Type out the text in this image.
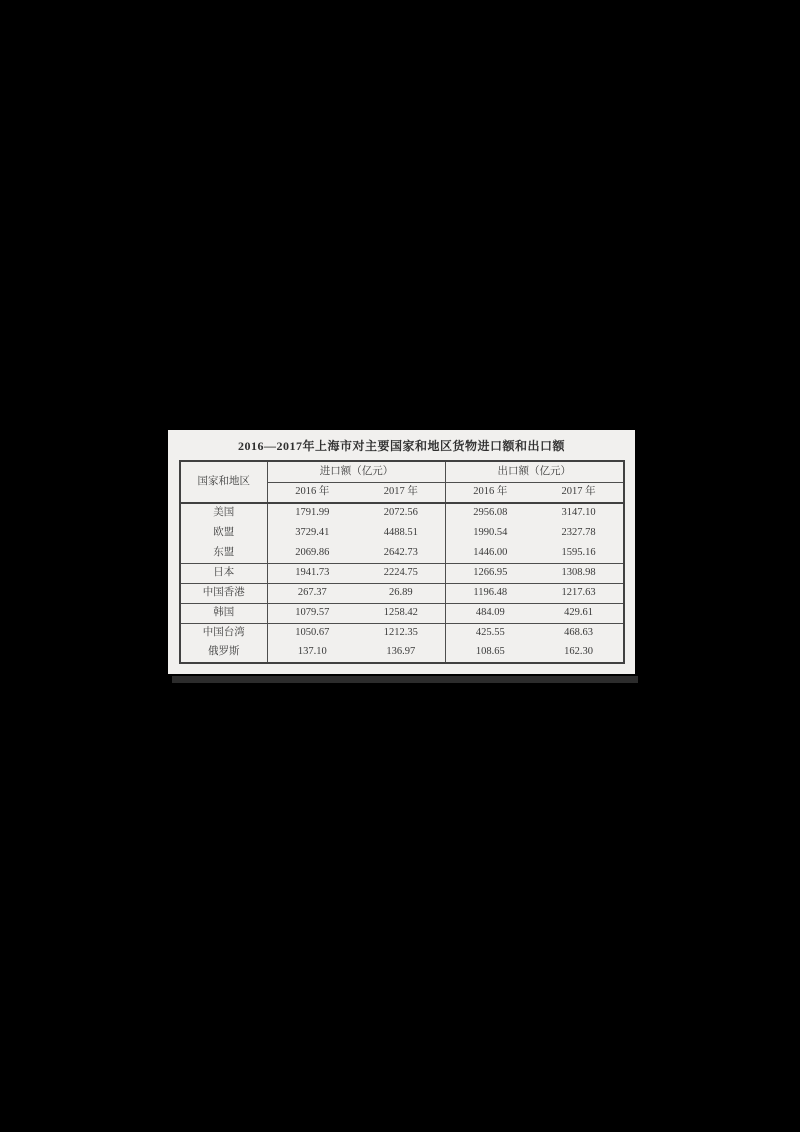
2016—2017年上海市对主要国家和地区货物进口额和出口额
国家和地区	进口额（亿元）		出口额（亿元）	
	2016 年	2017 年	2016 年	2017 年
美国	1791.99	2072.56	2956.08	3147.10
欧盟	3729.41	4488.51	1990.54	2327.78
东盟	2069.86	2642.73	1446.00	1595.16
日本	1941.73	2224.75	1266.95	1308.98
中国香港	267.37	26.89	1196.48	1217.63
韩国	1079.57	1258.42	484.09	429.61
中国台湾	1050.67	1212.35	425.55	468.63
俄罗斯	137.10	136.97	108.65	162.30
